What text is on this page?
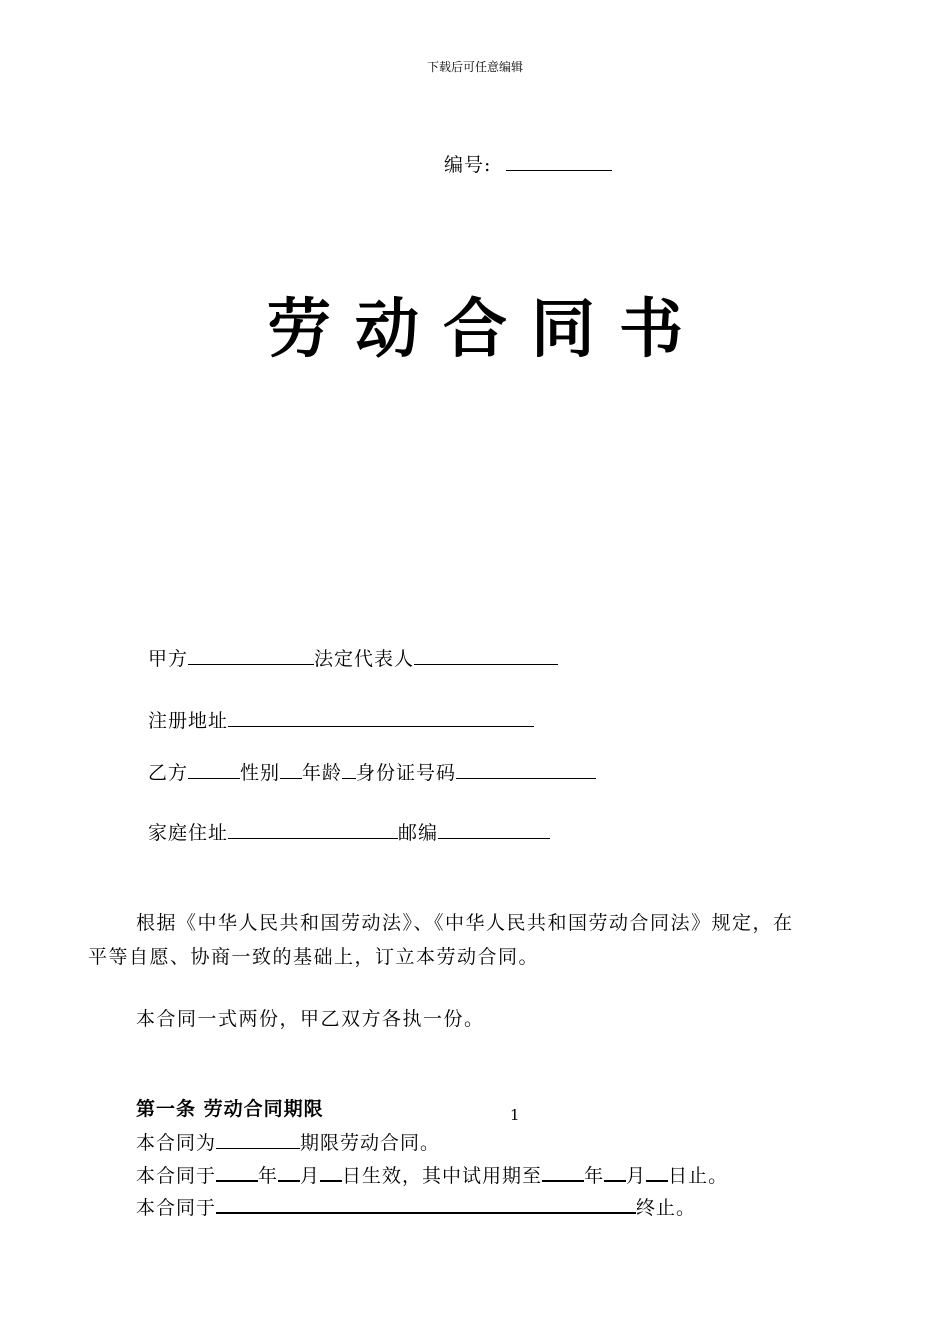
下载后可任意编辑
编号:
劳动合同书
甲方	法定代表人
注册地址
乙方	性别 年龄 身份证号码
家庭住址	邮编
根据《中华人民共和国劳动法》、《中华人民共和国劳动合同法》规定，在
平等自愿、协商一致的基础上，订立本劳动合同。
本合同一式两份，甲乙双方各执一份。
第一条 劳动合同期限	1
本合同为	期限劳动合同。
本合同于 年 月 日生效，其中试用期至 年 月 日止。
本合同于	终止。
